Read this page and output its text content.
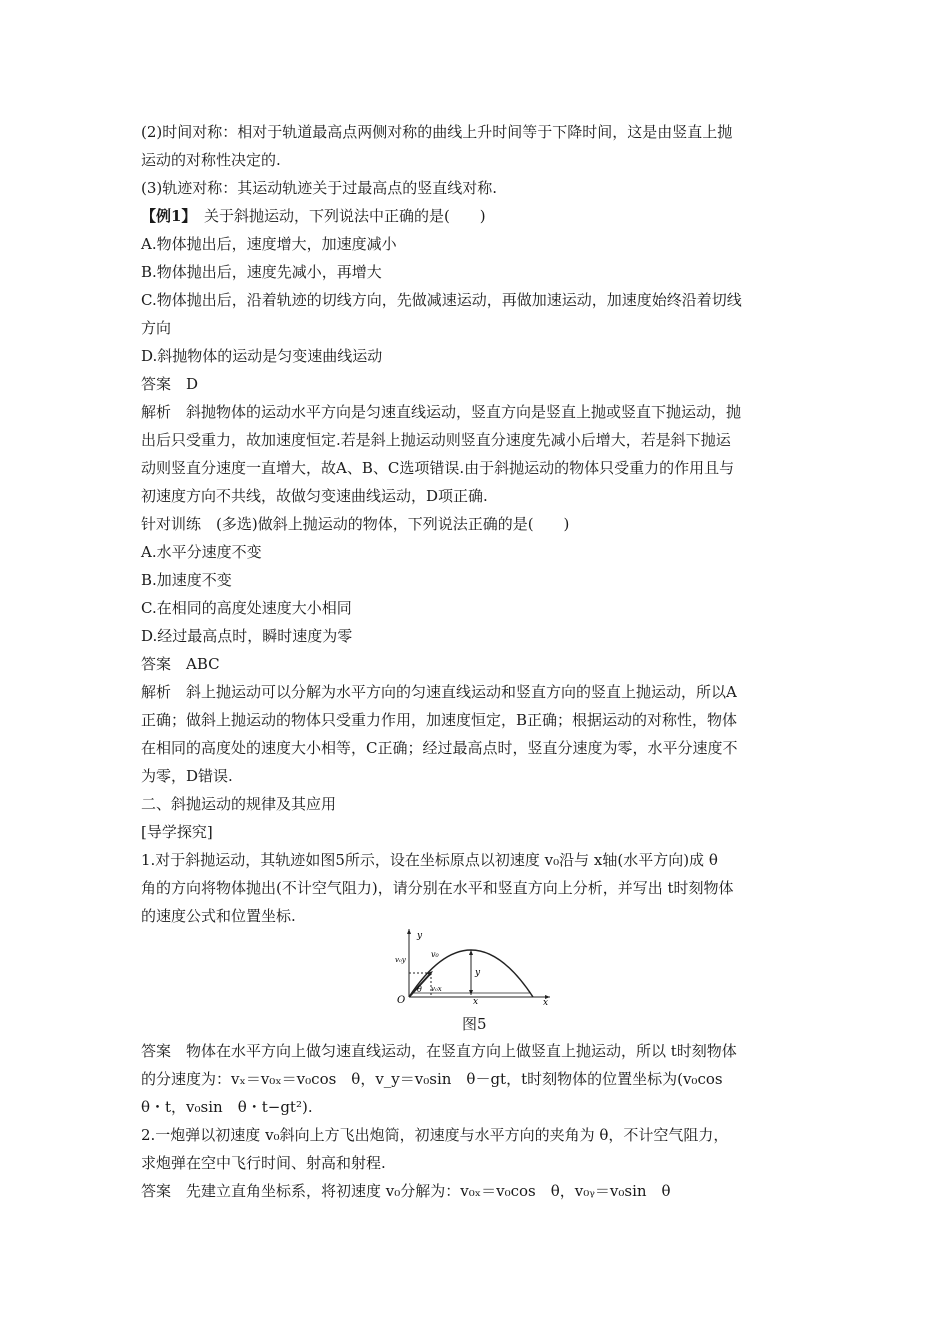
(2)时间对称：相对于轨道最高点两侧对称的曲线上升时间等于下降时间，这是由竖直上抛
运动的对称性决定的.
(3)轨迹对称：其运动轨迹关于过最高点的竖直线对称.
【例1】　 关于斜抛运动，下列说法中正确的是(　　)
A.物体抛出后，速度增大，加速度减小
B.物体抛出后，速度先减小，再增大
C.物体抛出后，沿着轨迹的切线方向，先做减速运动，再做加速运动，加速度始终沿着切线
方向
D.斜抛物体的运动是匀变速曲线运动
答案　D
解析　斜抛物体的运动水平方向是匀速直线运动，竖直方向是竖直上抛或竖直下抛运动，抛
出后只受重力，故加速度恒定.若是斜上抛运动则竖直分速度先减小后增大，若是斜下抛运
动则竖直分速度一直增大，故A、B、C选项错误.由于斜抛运动的物体只受重力的作用且与
初速度方向不共线，故做匀变速曲线运动，D项正确.
针对训练　(多选)做斜上抛运动的物体，下列说法正确的是(　　)
A.水平分速度不变
B.加速度不变
C.在相同的高度处速度大小相同
D.经过最高点时，瞬时速度为零
答案　ABC
解析　斜上抛运动可以分解为水平方向的匀速直线运动和竖直方向的竖直上抛运动，所以A
正确；做斜上抛运动的物体只受重力作用，加速度恒定，B正确；根据运动的对称性，物体
在相同的高度处的速度大小相等，C正确；经过最高点时，竖直分速度为零，水平分速度不
为零，D错误.
二、斜抛运动的规律及其应用
[导学探究]
1.对于斜抛运动，其轨迹如图5所示，设在坐标原点以初速度 v₀沿与 x轴(水平方向)成 θ
角的方向将物体抛出(不计空气阻力)，请分别在水平和竖直方向上分析，并写出 t时刻物体
的速度公式和位置坐标.
y
x
O
v₀
v₀y
v₀x
θ
y
x
图5
答案　物体在水平方向上做匀速直线运动，在竖直方向上做竖直上抛运动，所以 t时刻物体
的分速度为：vₓ＝v₀ₓ＝v₀cos　θ，v_y＝v₀sin　θ－gt，t时刻物体的位置坐标为(v₀cos
θ・t，v₀sin　θ・t−gt²).
2.一炮弹以初速度 v₀斜向上方飞出炮筒，初速度与水平方向的夹角为 θ，不计空气阻力，
求炮弹在空中飞行时间、射高和射程.
答案　先建立直角坐标系，将初速度 v₀分解为：v₀ₓ＝v₀cos　θ，v₀ᵧ＝v₀sin　θ
